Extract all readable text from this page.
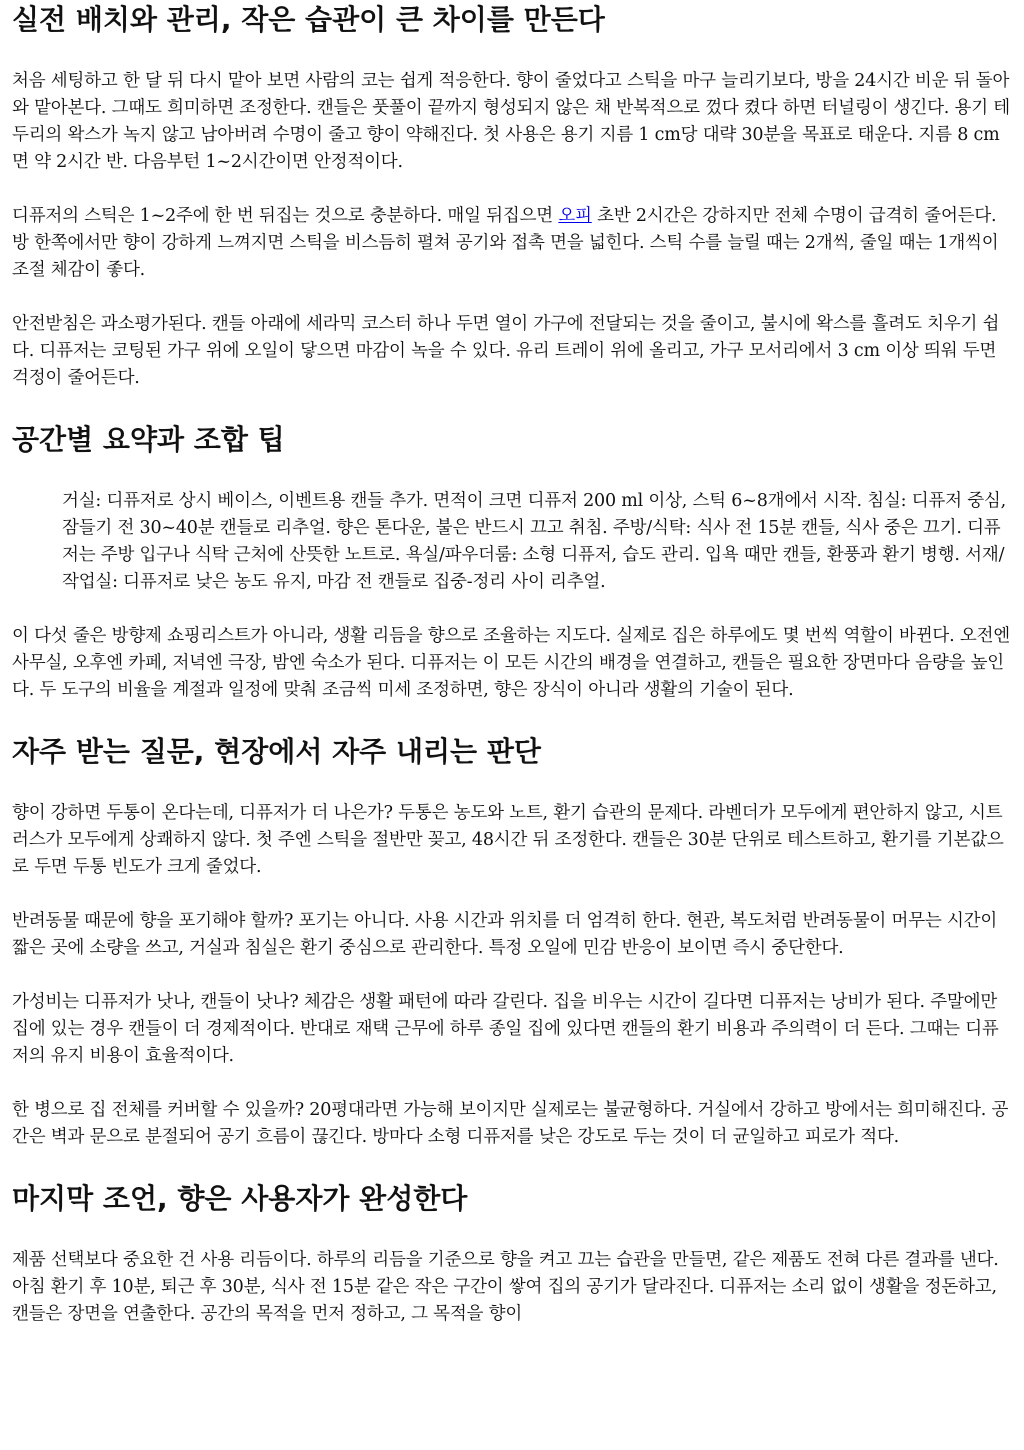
실전 배치와 관리, 작은 습관이 큰 차이를 만든다

처음 세팅하고 한 달 뒤 다시 맡아 보면 사람의 코는 쉽게 적응한다. 향이 줄었다고 스틱을 마구 늘리기보다, 방을 24시간 비운 뒤 돌아와 맡아본다. 그때도 희미하면 조정한다. 캔들은 풋풀이 끝까지 형성되지 않은 채 반복적으로 껐다 켰다 하면 터널링이 생긴다. 용기 테두리의 왁스가 녹지 않고 남아버려 수명이 줄고 향이 약해진다. 첫 사용은 용기 지름 1 cm당 대략 30분을 목표로 태운다. 지름 8 cm면 약 2시간 반. 다음부턴 1~2시간이면 안정적이다.

디퓨저의 스틱은 1~2주에 한 번 뒤집는 것으로 충분하다. 매일 뒤집으면 오피 초반 2시간은 강하지만 전체 수명이 급격히 줄어든다. 방 한쪽에서만 향이 강하게 느껴지면 스틱을 비스듬히 펼쳐 공기와 접촉 면을 넓힌다. 스틱 수를 늘릴 때는 2개씩, 줄일 때는 1개씩이 조절 체감이 좋다.

안전받침은 과소평가된다. 캔들 아래에 세라믹 코스터 하나 두면 열이 가구에 전달되는 것을 줄이고, 불시에 왁스를 흘려도 치우기 쉽다. 디퓨저는 코팅된 가구 위에 오일이 닿으면 마감이 녹을 수 있다. 유리 트레이 위에 올리고, 가구 모서리에서 3 cm 이상 띄워 두면 걱정이 줄어든다.

공간별 요약과 조합 팁
거실: 디퓨저로 상시 베이스, 이벤트용 캔들 추가. 면적이 크면 디퓨저 200 ml 이상, 스틱 6~8개에서 시작. 침실: 디퓨저 중심, 잠들기 전 30~40분 캔들로 리추얼. 향은 톤다운, 불은 반드시 끄고 취침. 주방/식탁: 식사 전 15분 캔들, 식사 중은 끄기. 디퓨저는 주방 입구나 식탁 근처에 산뜻한 노트로. 욕실/파우더룸: 소형 디퓨저, 습도 관리. 입욕 때만 캔들, 환풍과 환기 병행. 서재/작업실: 디퓨저로 낮은 농도 유지, 마감 전 캔들로 집중-정리 사이 리추얼.

이 다섯 줄은 방향제 쇼핑리스트가 아니라, 생활 리듬을 향으로 조율하는 지도다. 실제로 집은 하루에도 몇 번씩 역할이 바뀐다. 오전엔 사무실, 오후엔 카페, 저녁엔 극장, 밤엔 숙소가 된다. 디퓨저는 이 모든 시간의 배경을 연결하고, 캔들은 필요한 장면마다 음량을 높인다. 두 도구의 비율을 계절과 일정에 맞춰 조금씩 미세 조정하면, 향은 장식이 아니라 생활의 기술이 된다.

자주 받는 질문, 현장에서 자주 내리는 판단

향이 강하면 두통이 온다는데, 디퓨저가 더 나은가? 두통은 농도와 노트, 환기 습관의 문제다. 라벤더가 모두에게 편안하지 않고, 시트러스가 모두에게 상쾌하지 않다. 첫 주엔 스틱을 절반만 꽂고, 48시간 뒤 조정한다. 캔들은 30분 단위로 테스트하고, 환기를 기본값으로 두면 두통 빈도가 크게 줄었다.

반려동물 때문에 향을 포기해야 할까? 포기는 아니다. 사용 시간과 위치를 더 엄격히 한다. 현관, 복도처럼 반려동물이 머무는 시간이 짧은 곳에 소량을 쓰고, 거실과 침실은 환기 중심으로 관리한다. 특정 오일에 민감 반응이 보이면 즉시 중단한다.

가성비는 디퓨저가 낫나, 캔들이 낫나? 체감은 생활 패턴에 따라 갈린다. 집을 비우는 시간이 길다면 디퓨저는 낭비가 된다. 주말에만 집에 있는 경우 캔들이 더 경제적이다. 반대로 재택 근무에 하루 종일 집에 있다면 캔들의 환기 비용과 주의력이 더 든다. 그때는 디퓨저의 유지 비용이 효율적이다.

한 병으로 집 전체를 커버할 수 있을까? 20평대라면 가능해 보이지만 실제로는 불균형하다. 거실에서 강하고 방에서는 희미해진다. 공간은 벽과 문으로 분절되어 공기 흐름이 끊긴다. 방마다 소형 디퓨저를 낮은 강도로 두는 것이 더 균일하고 피로가 적다.

마지막 조언, 향은 사용자가 완성한다

제품 선택보다 중요한 건 사용 리듬이다. 하루의 리듬을 기준으로 향을 켜고 끄는 습관을 만들면, 같은 제품도 전혀 다른 결과를 낸다. 아침 환기 후 10분, 퇴근 후 30분, 식사 전 15분 같은 작은 구간이 쌓여 집의 공기가 달라진다. 디퓨저는 소리 없이 생활을 정돈하고, 캔들은 장면을 연출한다. 공간의 목적을 먼저 정하고, 그 목적을 향이
